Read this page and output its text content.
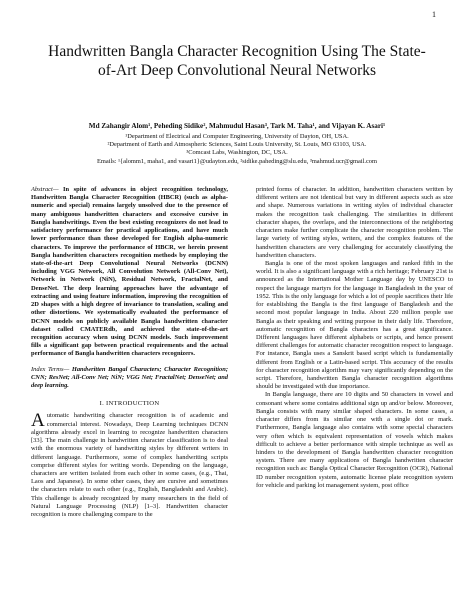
1
Handwritten Bangla Character Recognition Using The State-of-Art Deep Convolutional Neural Networks
Md Zahangir Alom¹, Peheding Sidike², Mahmudul Hasan³, Tark M. Taha¹, and Vijayan K. Asari¹
¹Department of Electrical and Computer Engineering, University of Dayton, OH, USA.
²Department of Earth and Atmospheric Sciences, Saint Louis University, St. Louis, MO 63103, USA.
³Comcast Labs, Washington, DC, USA.
Emails: ¹{alomm1, maha1, and vasari1}@udayton.edu, ²sidike.paheding@slu.edu, ³mahmud.ucr@gmail.com

Abstract— In spite of advances in object recognition technology, Handwritten Bangla Character Recognition (HBCR) (such as alpha-numeric and special) remains largely unsolved due to the presence of many ambiguous handwritten characters and excessive cursive in Bangla handwritings. Even the best existing recognizers do not lead to satisfactory performance for practical applications, and have much lower performance than those developed for English alpha-numeric characters. To improve the performance of HBCR, we herein present Bangla handwritten characters recognition methods by employing the state-of-the-art Deep Convolutional Neural Networks (DCNN) including VGG Network, All Convolution Network (All-Conv Net), Network in Network (NiN), Residual Network, FractalNet, and DenseNet. The deep learning approaches have the advantage of extracting and using feature information, improving the recognition of 2D shapes with a high degree of invariance to translation, scaling and other distortions. We systematically evaluated the performance of DCNN models on publicly available Bangla handwritten character dataset called CMATERdb, and achieved the state-of-the-art recognition accuracy when using DCNN models. Such improvement fills a significant gap between practical requirements and the actual performance of Bangla handwritten characters recognizers.

Index Terms— Handwritten Bangal Characters; Character Recognition; CNN; ResNet; All-Conv Net; NiN; VGG Net; FractalNet; DenseNet; and deep learning.

I. INTRODUCTION

Automatic handwriting character recognition is of academic and commercial interest. Nowadays, Deep Learning techniques DCNN algorithms already excel in learning to recognize handwritten characters [33]. The main challenge in handwritten character classification is to deal with the enormous variety of handwriting styles by different writers in different language. Furthermore, some of complex handwriting scripts comprise different styles for writing words. Depending on the language, characters are written isolated from each other in some cases, (e.g., Thai, Laos and Japanese). In some other cases, they are cursive and sometimes the characters relate to each other (e.g., English, Bangladeshi and Arabic). This challenge is already recognized by many researchers in the field of Natural Language Processing (NLP) [1–3]. Handwritten character recognition is more challenging compare to the

printed forms of character. In addition, handwritten characters written by different writers are not identical but vary in different aspects such as size and shape. Numerous variations in writing styles of individual character makes the recognition task challenging. The similarities in different character shapes, the overlaps, and the interconnections of the neighboring characters make further complicate the character recognition problem. The large variety of writing styles, writers, and the complex features of the handwritten characters are very challenging for accurately classifying the handwritten characters.

Bangla is one of the most spoken languages and ranked fifth in the world. It is also a significant language with a rich heritage; February 21st is announced as the International Mother Language day by UNESCO to respect the language martyrs for the language in Bangladesh in the year of 1952. This is the only language for which a lot of people sacrifices their life for establishing the Bangla is the first language of Bangladesh and the second most popular language in India. About 220 million people use Bangla as their speaking and writing purpose in their daily life. Therefore, automatic recognition of Bangla characters has a great significance. Different languages have different alphabets or scripts, and hence present different challenges for automatic character recognition respect to language. For instance, Bangla uses a Sanskrit based script which is fundamentally different from English or a Latin-based script. This accuracy of the results for character recognition algorithm may vary significantly depending on the script. Therefore, handwritten Bangla character recognition algorithms should be investigated with due importance.

In Bangla language, there are 10 digits and 50 characters in vowel and consonant where some contains additional sign up and/or below. Moreover, Bangla consists with many similar shaped characters. In some cases, a character differs from its similar one with a single dot or mark. Furthermore, Bangla language also contains with some special characters very often which is equivalent representation of vowels which makes difficult to achieve a better performance with simple technique as well as hinders to the development of Bangla handwritten character recognition system. There are many applications of Bangla handwritten character recognition such as: Bangla Optical Character Recognition (OCR), National ID number recognition system, automatic license plate recognition system for vehicle and parking lot management system, post office
